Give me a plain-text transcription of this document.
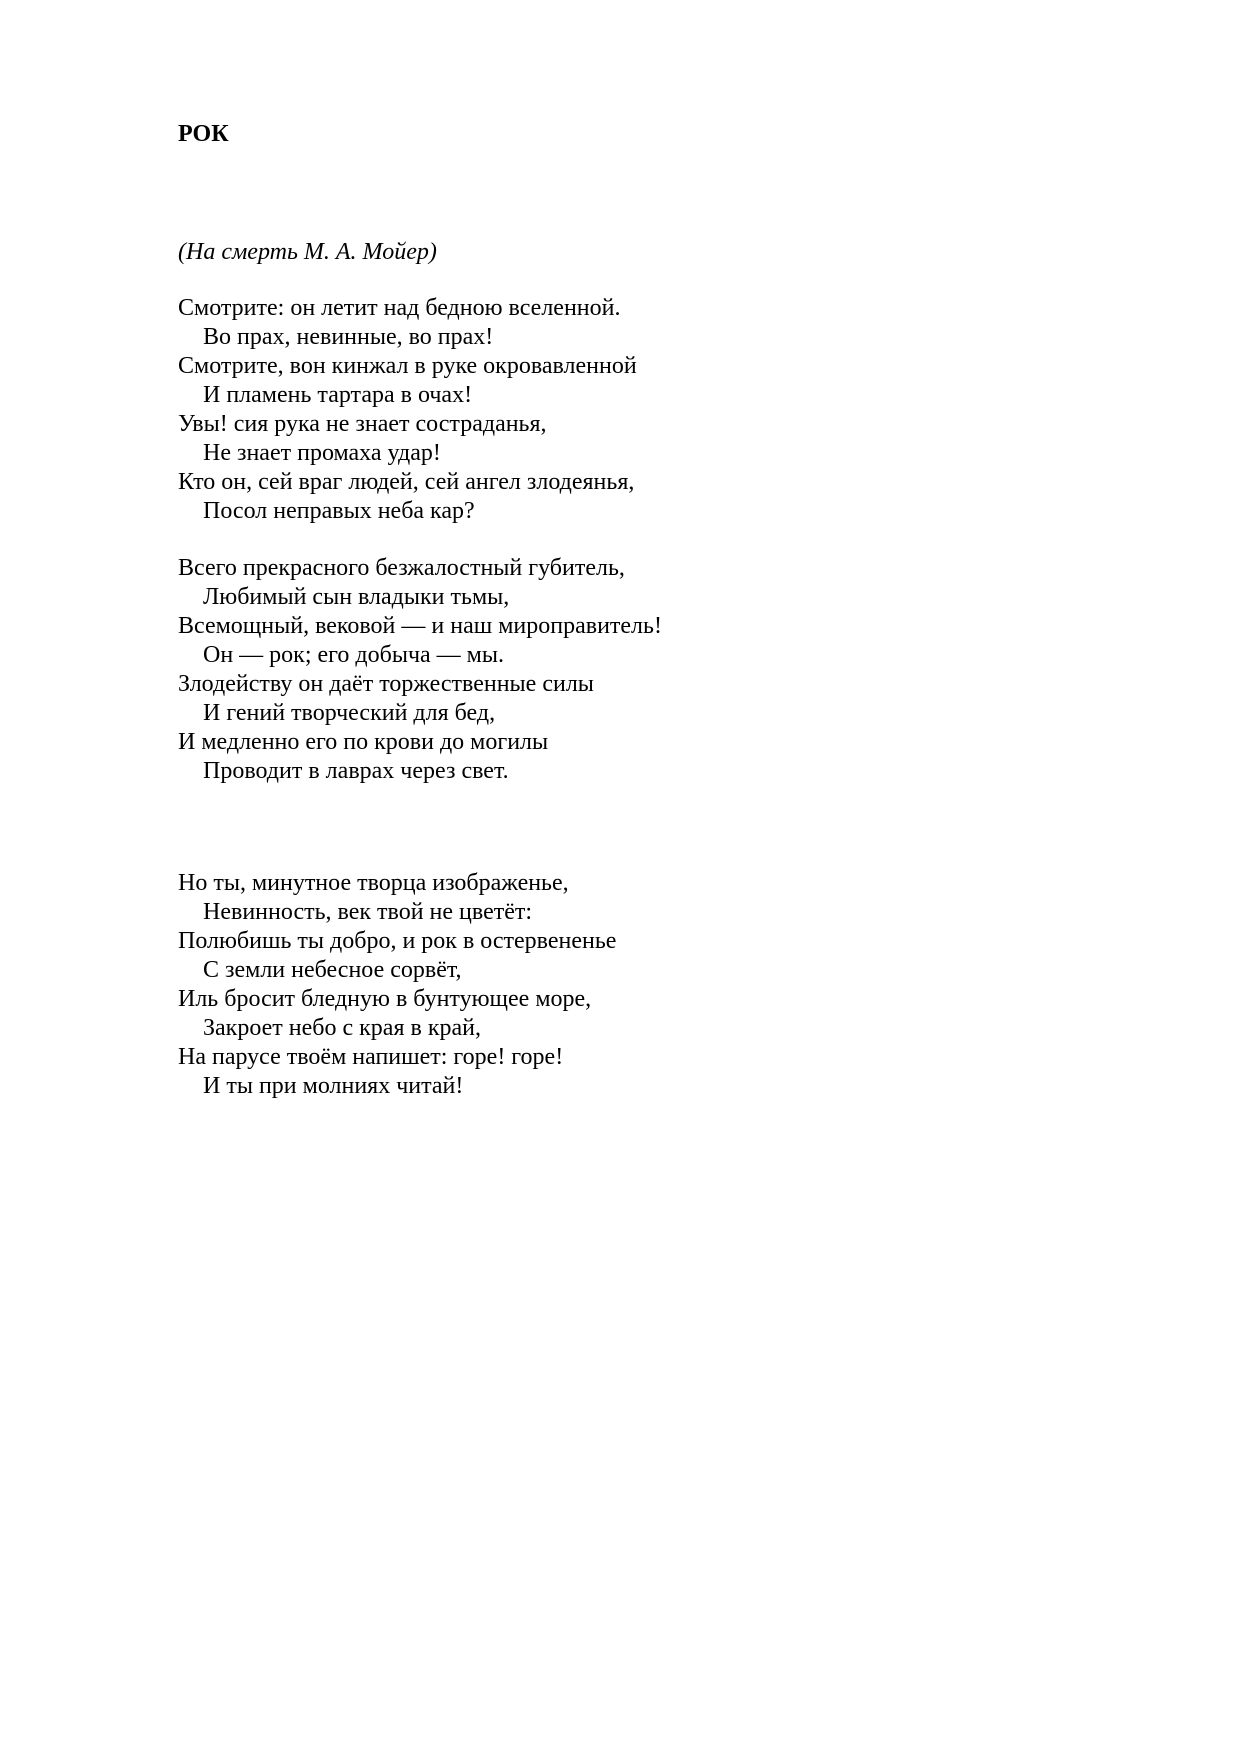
РОК

(На смерть М. А. Мойер)

Смотрите: он летит над бедною вселенной.
Во прах, невинные, во прах!
Смотрите, вон кинжал в руке окровавленной
И пламень тартара в очах!
Увы! сия рука не знает состраданья,
Не знает промаха удар!
Кто он, сей враг людей, сей ангел злодеянья,
Посол неправых неба кар?
Всего прекрасного безжалостный губитель,
Любимый сын владыки тьмы,
Всемощный, вековой — и наш мироправитель!
Он — рок; его добыча — мы.
Злодейству он даёт торжественные силы
И гений творческий для бед,
И медленно его по крови до могилы
Проводит в лаврах через свет.
Но ты, минутное творца изображенье,
Невинность, век твой не цветёт:
Полюбишь ты добро, и рок в остервененье
С земли небесное сорвёт,
Иль бросит бледную в бунтующее море,
Закроет небо с края в край,
На парусе твоём напишет: горе! горе!
И ты при молниях читай!
